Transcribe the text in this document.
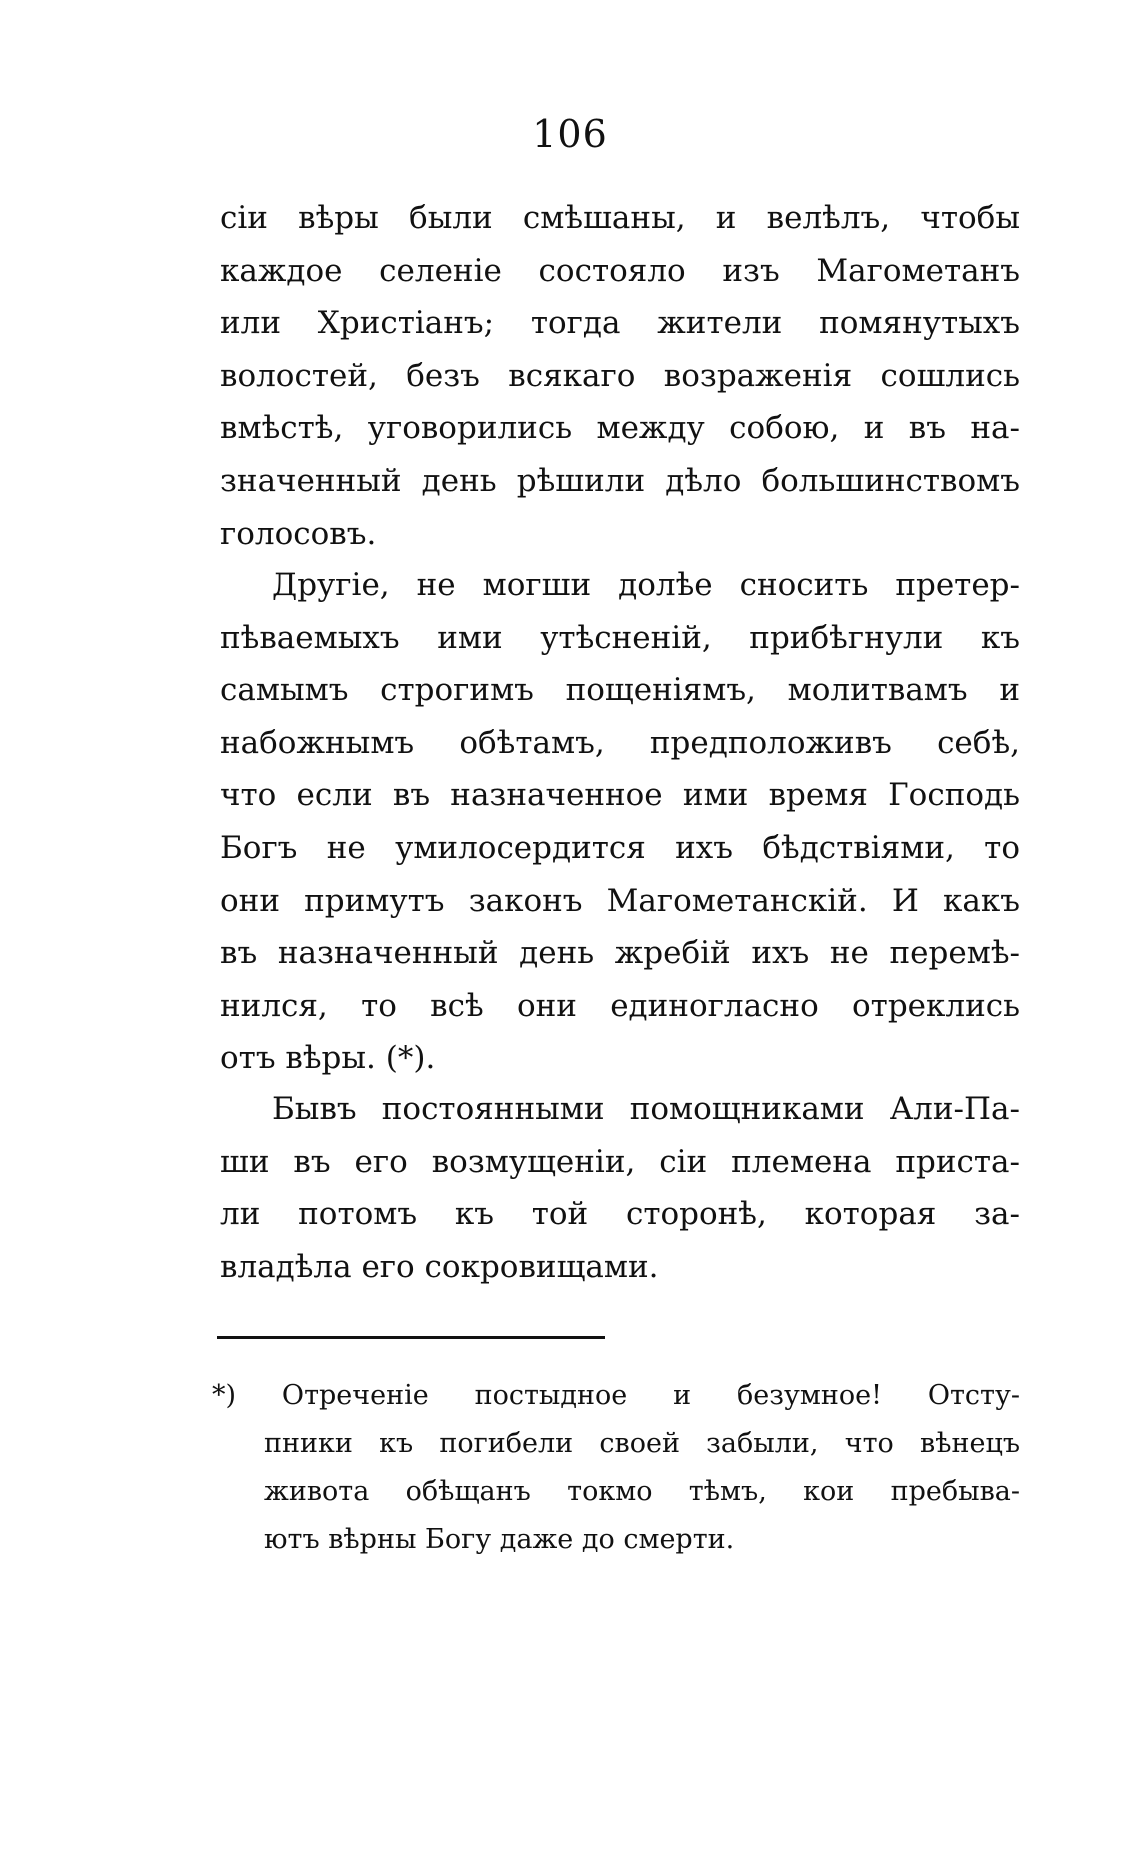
106
сіи вѣры были смѣшаны, и велѣлъ, чтобы
каждое селеніе состояло изъ Магометанъ
или Христіанъ; тогда жители помянутыхъ
волостей, безъ всякаго возраженія сошлись
вмѣстѣ, уговорились между собою, и въ на-
значенный день рѣшили дѣло большинствомъ
голосовъ.
Другіе, не могши долѣе сносить претер-
пѣваемыхъ ими утѣсненій, прибѣгнули къ
самымъ строгимъ пощеніямъ, молитвамъ и
набожнымъ обѣтамъ, предположивъ себѣ,
что если въ назначенное ими время Господь
Богъ не умилосердится ихъ бѣдствіями, то
они примутъ законъ Магометанскій. И какъ
въ назначенный день жребій ихъ не перемѣ-
нился, то всѣ они единогласно отреклись
отъ вѣры. (*).
Бывъ постоянными помощниками Али-Па-
ши въ его возмущеніи, сіи племена приста-
ли потомъ къ той сторонѣ, которая за-
владѣла его сокровищами.
*) Отреченіе постыдное и безумное! Отсту-
пники къ погибели своей забыли, что вѣнецъ
живота обѣщанъ токмо тѣмъ, кои пребыва-
ютъ вѣрны Богу даже до смерти.
